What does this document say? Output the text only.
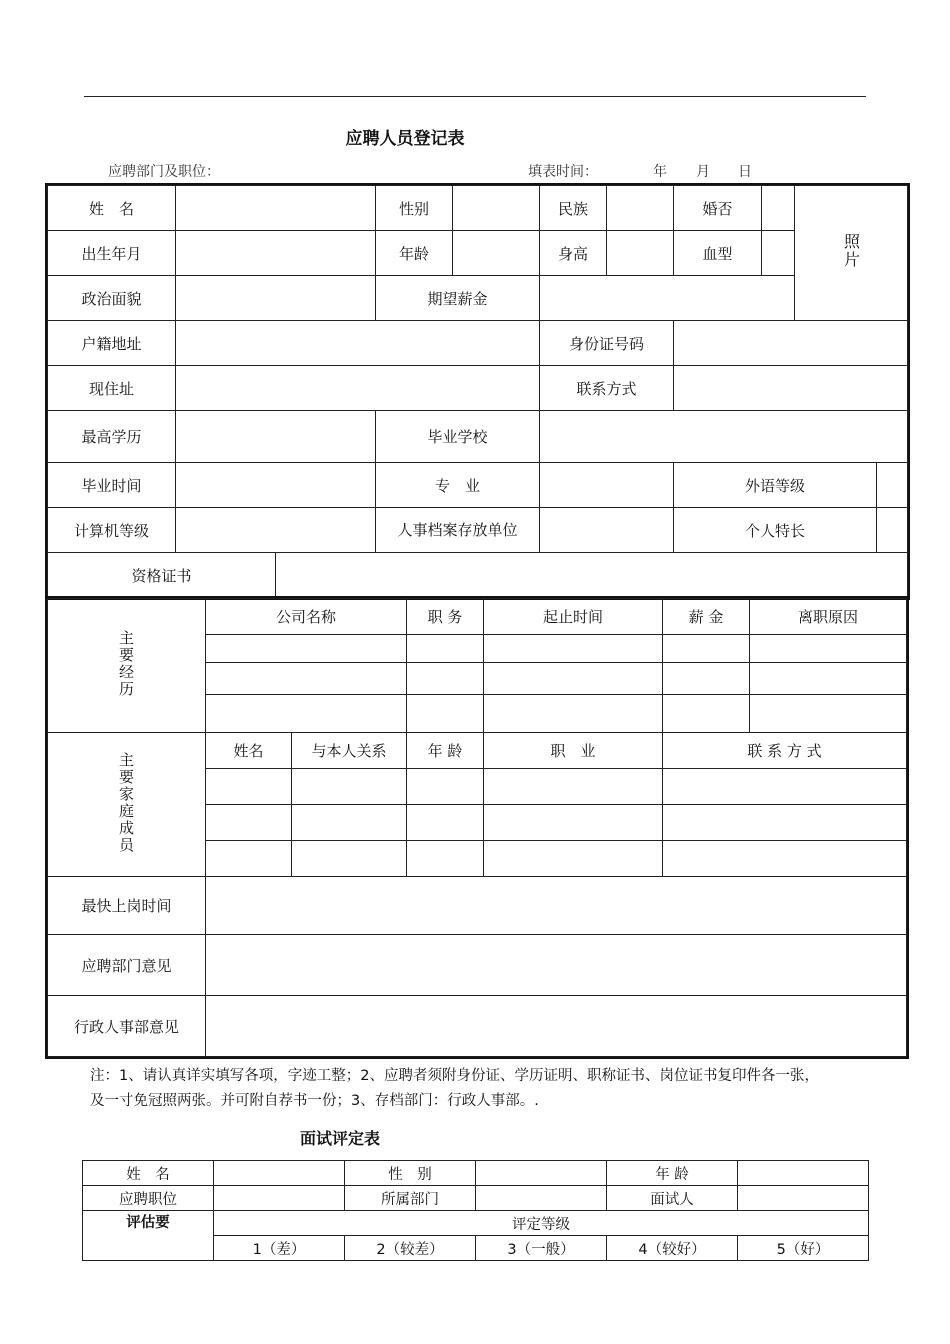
应聘人员登记表
应聘部门及职位：	填表时间：	年 月 日
姓　名			性别		民族		婚否		照片	
出生年月			年龄		身高		血型			
政治面貌			期望薪金							
户籍地址					身份证号码					
现住址					联系方式					
最高学历			毕业学校							
毕业时间			专　业				外语等级			
计算机等级			人事档案存放单位				个人特长			
资格证书										
主要经历	公司名称		职 务	起止时间	薪 金	离职原因

主要家庭成员	姓名	与本人关系	年 龄	职　业	联 系 方 式	

最快上岗时间						
应聘部门意见						
行政人事部意见						
注：1、请认真详实填写各项，字迹工整；2、应聘者须附身份证、学历证明、职称证书、岗位证书复印件各一张，
及一寸免冠照两张。并可附自荐书一份；3、存档部门：行政人事部。.
面试评定表
姓　名		性　别		年 龄	
应聘职位		所属部门		面试人	
评估要	评定等级				
	1（差）	2（较差）	3（一般）	4（较好）	5（好）
